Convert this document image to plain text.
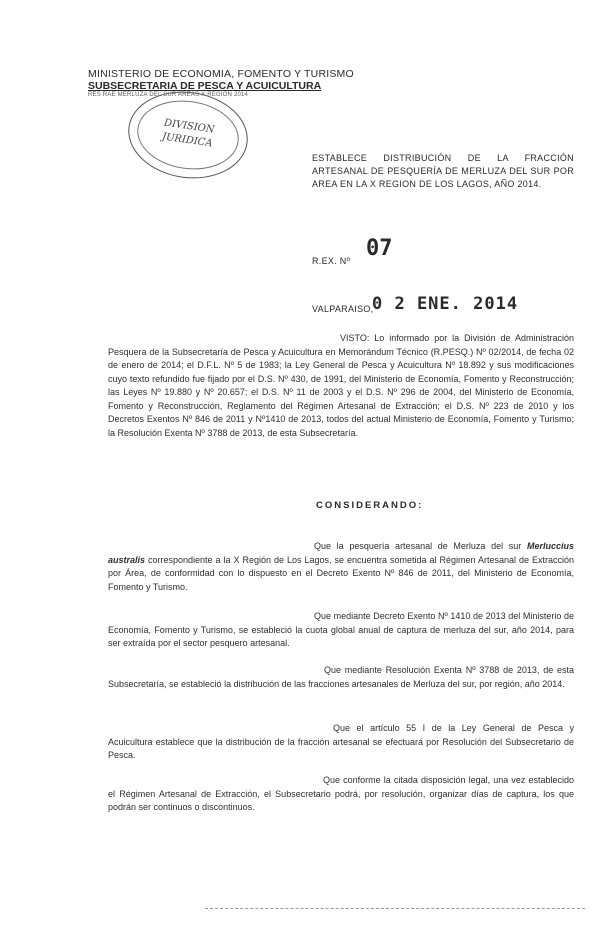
MINISTERIO DE ECONOMIA, FOMENTO Y TURISMO
SUBSECRETARIA DE PESCA Y ACUICULTURA
RES RAE MERLUZA DEL SUR AREAS X REGION 2014
DIVISION
JURIDICA
ESTABLECE DISTRIBUCIÓN DE LA FRACCIÓN ARTESANAL DE PESQUERÍA DE MERLUZA DEL SUR POR AREA EN LA X REGION DE LOS LAGOS, AÑO 2014.
R.EX. Nº 07
VALPARAISO,
0 2 ENE. 2014
VISTO: Lo informado por la División de Administración Pesquera de la Subsecretaría de Pesca y Acuicultura en Memorándum Técnico (R.PESQ.) Nº 02/2014, de fecha 02 de enero de 2014; el D.F.L. Nº 5 de 1983; la Ley General de Pesca y Acuicultura Nº 18.892 y sus modificaciones cuyo texto refundido fue fijado por el D.S. Nº 430, de 1991, del Ministerio de Economía, Fomento y Reconstrucción; las Leyes Nº 19.880 y Nº 20.657; el D.S. Nº 11 de 2003 y el D.S. Nº 296 de 2004, del Ministerio de Economía, Fomento y Reconstrucción, Reglamento del Régimen Artesanal de Extracción; el D.S. Nº 223 de 2010 y los Decretos Exentos Nº 846 de 2011 y Nº1410 de 2013, todos del actual Ministerio de Economía, Fomento y Turismo; la Resolución Exenta Nº 3788 de 2013, de esta Subsecretaría.
CONSIDERANDO:
Que la pesquería artesanal de Merluza del sur Merluccius australis correspondiente a la X Región de Los Lagos, se encuentra sometida al Régimen Artesanal de Extracción por Área, de conformidad con lo dispuesto en el Decreto Exento Nº 846 de 2011, del Ministerio de Economía, Fomento y Turismo.
Que mediante Decreto Exento Nº 1410 de 2013 del Ministerio de Economía, Fomento y Turismo, se estableció la cuota global anual de captura de merluza del sur, año 2014, para ser extraída por el sector pesquero artesanal.
Que mediante Resolución Exenta Nº 3788 de 2013, de esta Subsecretaría, se estableció la distribución de las fracciones artesanales de Merluza del sur, por región, año 2014.
Que el artículo 55 I de la Ley General de Pesca y Acuicultura establece que la distribución de la fracción artesanal se efectuará por Resolución del Subsecretario de Pesca.
Que conforme la citada disposición legal, una vez establecido el Régimen Artesanal de Extracción, el Subsecretario podrá, por resolución, organizar días de captura, los que podrán ser continuos o discontinuos.
